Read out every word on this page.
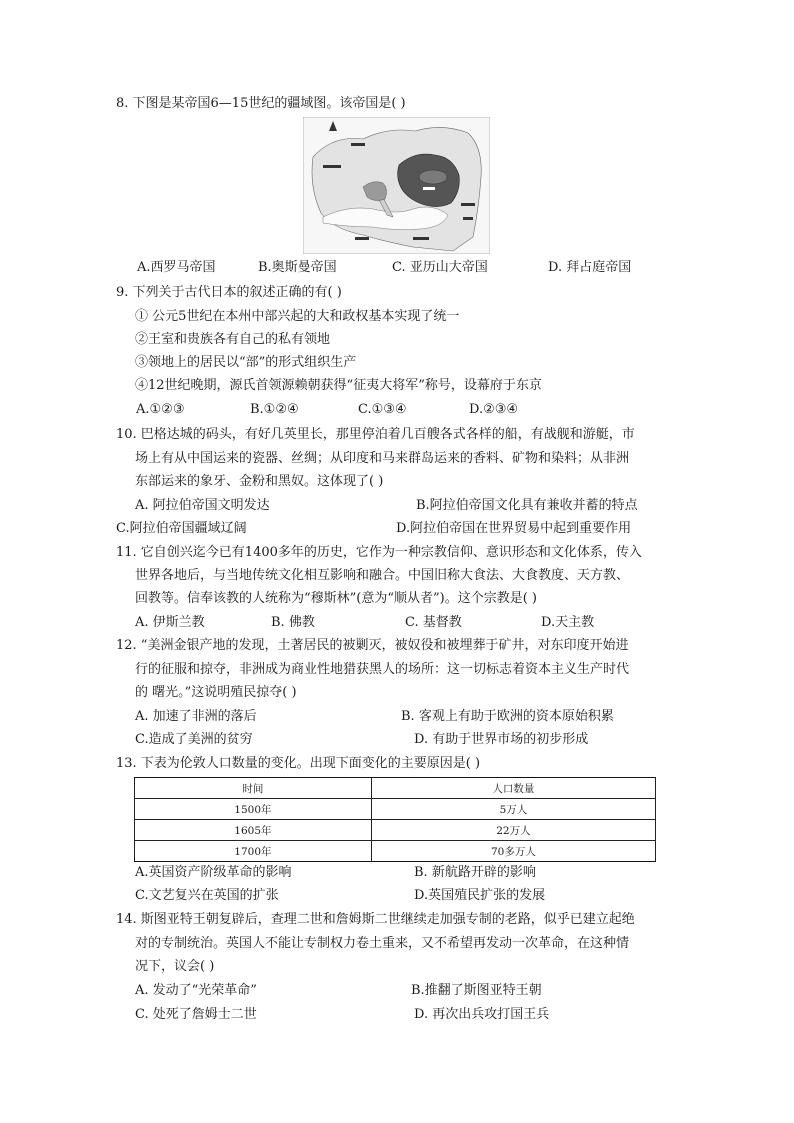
8. 下图是某帝国6—15世纪的疆域图。该帝国是( )
A.西罗马帝国	B.奥斯曼帝国	C. 亚历山大帝国	D. 拜占庭帝国
9. 下列关于古代日本的叙述正确的有( )
① 公元5世纪在本州中部兴起的大和政权基本实现了统一
②王室和贵族各有自己的私有领地
③领地上的居民以“部”的形式组织生产
④12世纪晚期，源氏首领源赖朝获得“征夷大将军”称号，设幕府于东京
A.①②③	B.①②④	C.①③④	D.②③④
10. 巴格达城的码头，有好几英里长，那里停泊着几百艘各式各样的船，有战舰和游艇，市
场上有从中国运来的瓷器、丝绸；从印度和马来群岛运来的香料、矿物和染料；从非洲
东部运来的象牙、金粉和黑奴。这体现了( )
A. 阿拉伯帝国文明发达	B.阿拉伯帝国文化具有兼收并蓄的特点
C.阿拉伯帝国疆域辽阔	D.阿拉伯帝国在世界贸易中起到重要作用
11. 它自创兴迄今已有1400多年的历史，它作为一种宗教信仰、意识形态和文化体系，传入
世界各地后，与当地传统文化相互影响和融合。中国旧称大食法、大食教度、天方教、
回教等。信奉该教的人统称为“穆斯林”(意为“顺从者”)。这个宗教是( )
A. 伊斯兰教	B. 佛教	C. 基督教	D.天主教
12. “美洲金银产地的发现，土著居民的被剿灭，被奴役和被埋葬于矿井，对东印度开始进
行的征服和掠夺，非洲成为商业性地猎获黑人的场所：这一切标志着资本主义生产时代
的 曙光。”这说明殖民掠夺( )
A. 加速了非洲的落后	B. 客观上有助于欧洲的资本原始积累
C.造成了美洲的贫穷	D. 有助于世界市场的初步形成
13. 下表为伦敦人口数量的变化。出现下面变化的主要原因是( )
时间	人口数量
1500年	5万人
1605年	22万人
1700年	70多万人
A.英国资产阶级革命的影响	B. 新航路开辟的影响
C.文艺复兴在英国的扩张	D.英国殖民扩张的发展
14. 斯图亚特王朝复辟后，查理二世和詹姆斯二世继续走加强专制的老路，似乎已建立起绝
对的专制统治。英国人不能让专制权力卷土重来，又不希望再发动一次革命，在这种情
况下，议会( )
A. 发动了“光荣革命”	B.推翻了斯图亚特王朝
C. 处死了詹姆士二世	D. 再次出兵攻打国王兵
